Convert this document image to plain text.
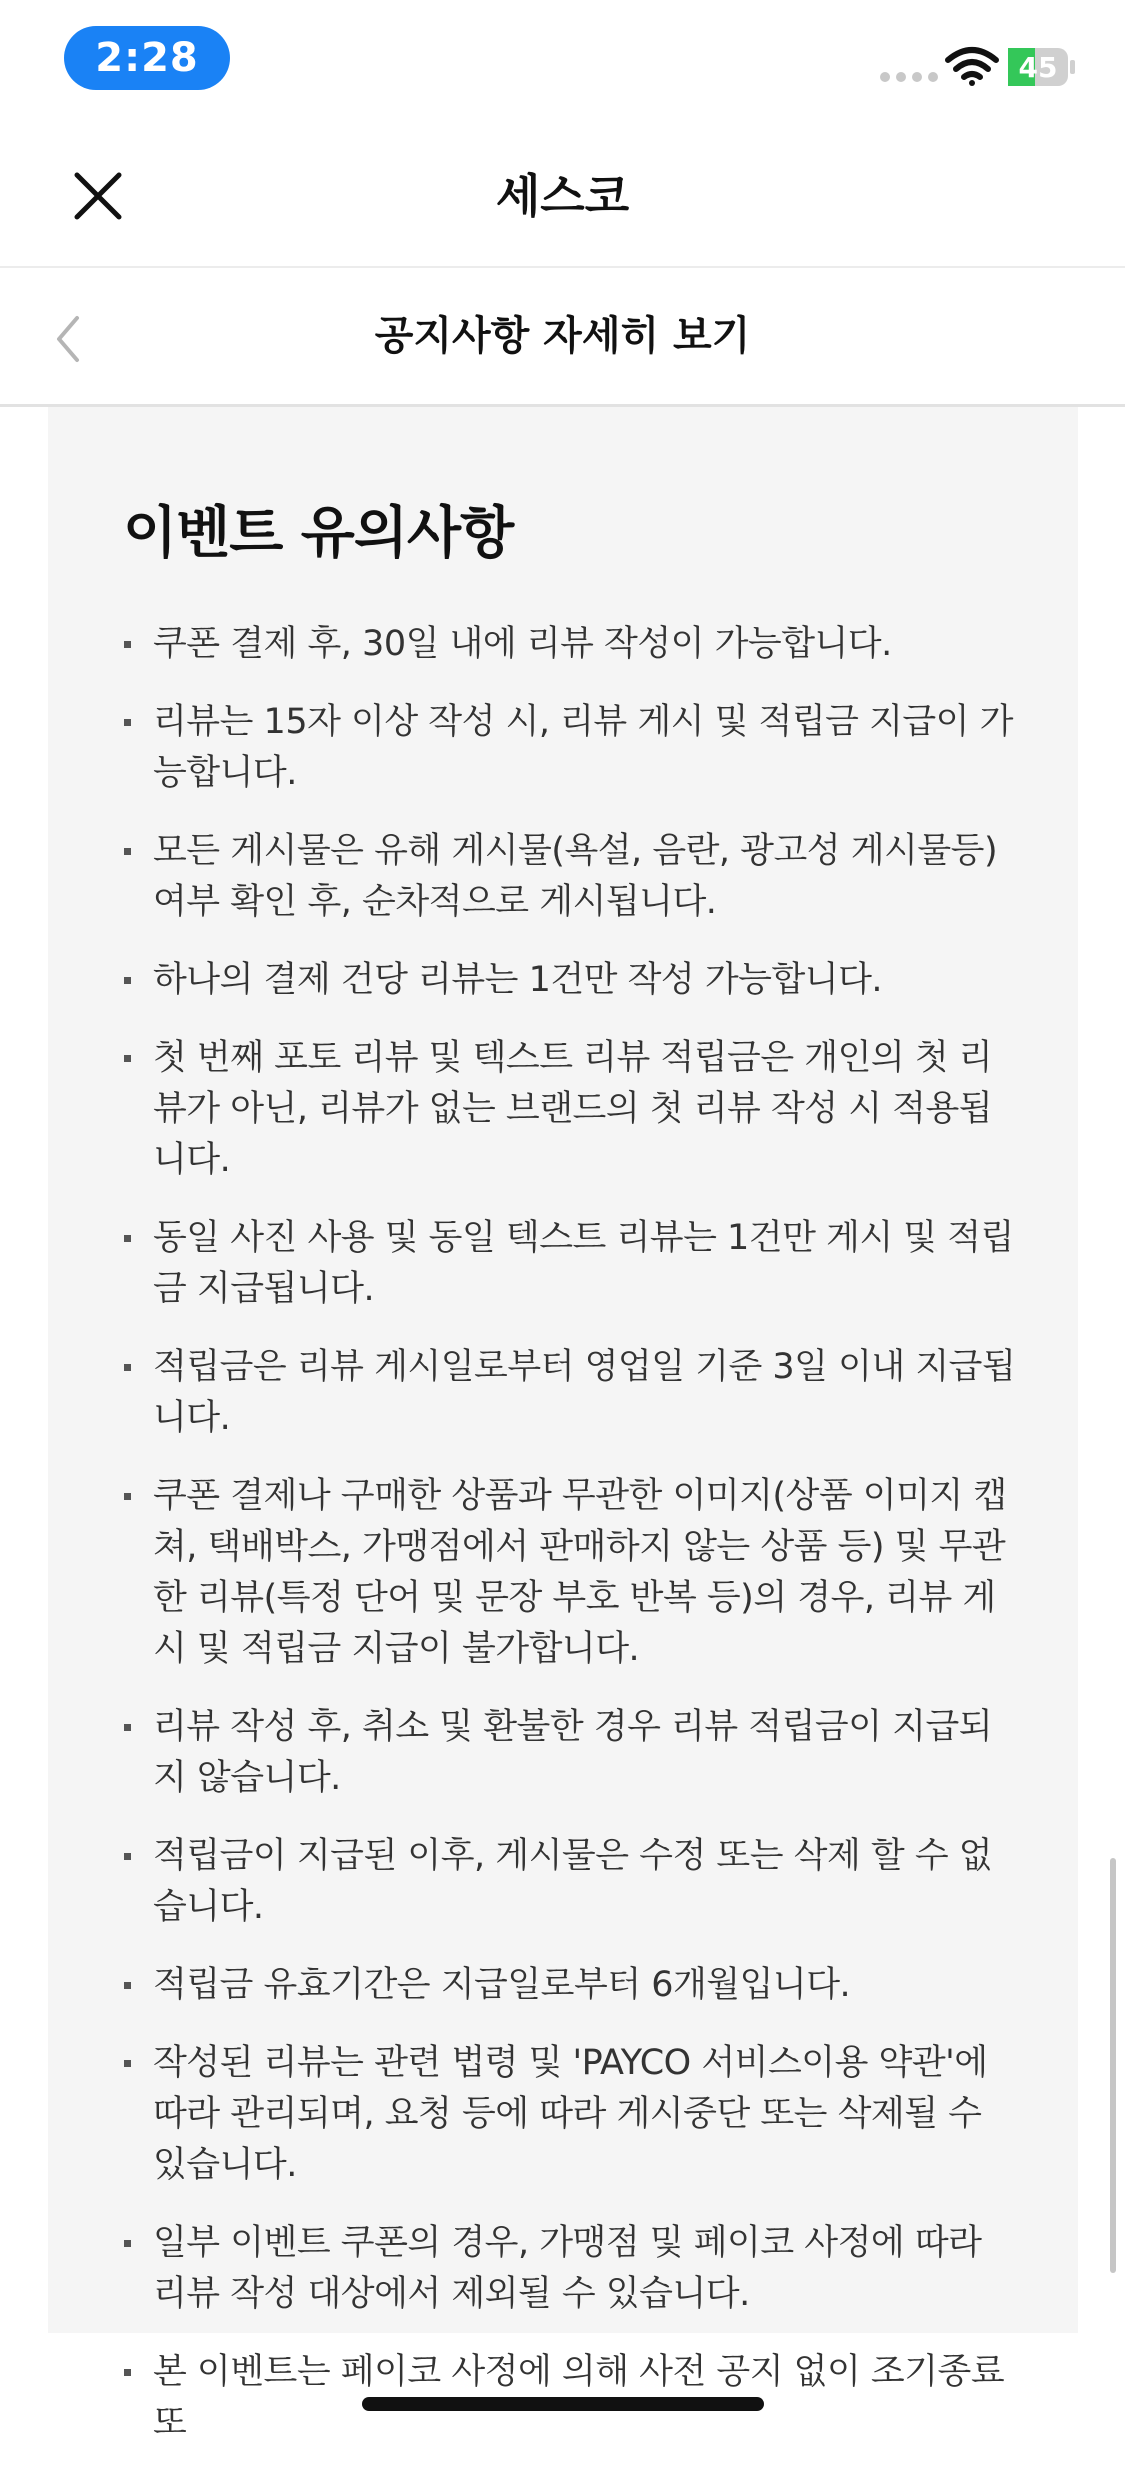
2:28	45
세스코
공지사항 자세히 보기
이벤트 유의사항
쿠폰 결제 후, 30일 내에 리뷰 작성이 가능합니다.
리뷰는 15자 이상 작성 시, 리뷰 게시 및 적립금 지급이 가능합니다.
모든 게시물은 유해 게시물(욕설, 음란, 광고성 게시물등) 여부 확인 후, 순차적으로 게시됩니다.
하나의 결제 건당 리뷰는 1건만 작성 가능합니다.
첫 번째 포토 리뷰 및 텍스트 리뷰 적립금은 개인의 첫 리뷰가 아닌, 리뷰가 없는 브랜드의 첫 리뷰 작성 시 적용됩니다.
동일 사진 사용 및 동일 텍스트 리뷰는 1건만 게시 및 적립금 지급됩니다.
적립금은 리뷰 게시일로부터 영업일 기준 3일 이내 지급됩니다.
쿠폰 결제나 구매한 상품과 무관한 이미지(상품 이미지 캡쳐, 택배박스, 가맹점에서 판매하지 않는 상품 등) 및 무관한 리뷰(특정 단어 및 문장 부호 반복 등)의 경우, 리뷰 게시 및 적립금 지급이 불가합니다.
리뷰 작성 후, 취소 및 환불한 경우 리뷰 적립금이 지급되지 않습니다.
적립금이 지급된 이후, 게시물은 수정 또는 삭제 할 수 없습니다.
적립금 유효기간은 지급일로부터 6개월입니다.
작성된 리뷰는 관련 법령 및 'PAYCO 서비스이용 약관'에 따라 관리되며, 요청 등에 따라 게시중단 또는 삭제될 수 있습니다.
일부 이벤트 쿠폰의 경우, 가맹점 및 페이코 사정에 따라 리뷰 작성 대상에서 제외될 수 있습니다.
본 이벤트는 페이코 사정에 의해 사전 공지 없이 조기종료 또
